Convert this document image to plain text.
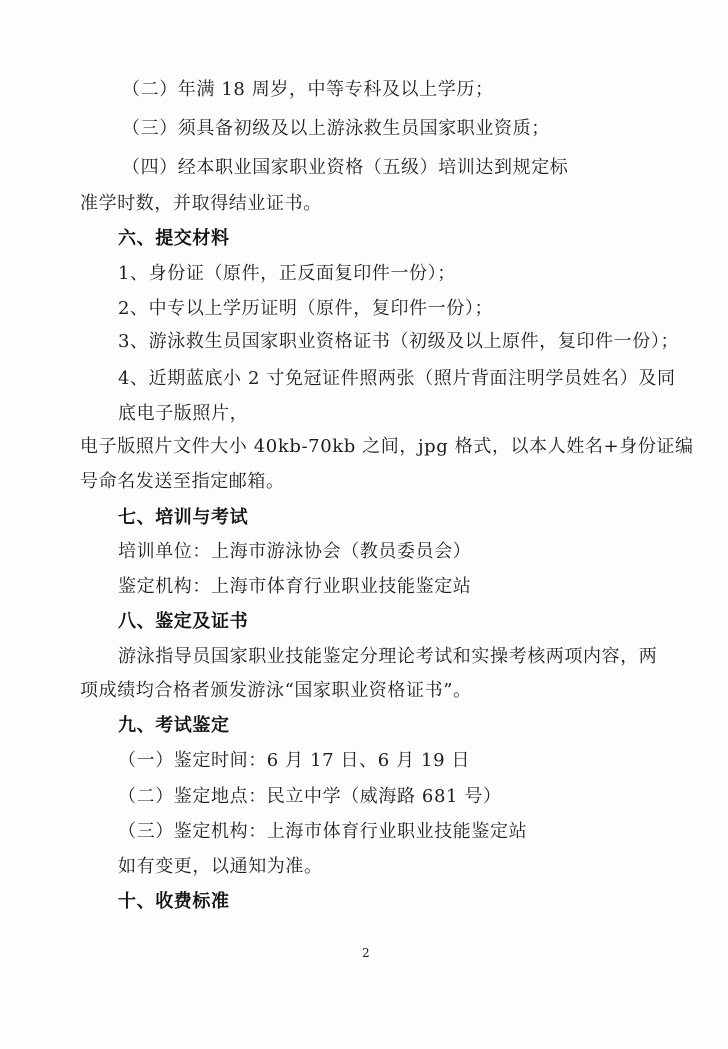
（二）年满 18 周岁，中等专科及以上学历；
（三）须具备初级及以上游泳救生员国家职业资质；
（四）经本职业国家职业资格（五级）培训达到规定标
准学时数，并取得结业证书。
六、提交材料
1、身份证（原件，正反面复印件一份）；
2、中专以上学历证明（原件，复印件一份）；
3、游泳救生员国家职业资格证书（初级及以上原件，复印件一份）；
4、近期蓝底小 2 寸免冠证件照两张（照片背面注明学员姓名）及同
底电子版照片，
电子版照片文件大小 40kb-70kb 之间，jpg 格式，以本人姓名+身份证编
号命名发送至指定邮箱。
七、培训与考试
培训单位：上海市游泳协会（教员委员会）
鉴定机构：上海市体育行业职业技能鉴定站
八、鉴定及证书
游泳指导员国家职业技能鉴定分理论考试和实操考核两项内容，两
项成绩均合格者颁发游泳“国家职业资格证书”。
九、考试鉴定
（一）鉴定时间：6 月 17 日、6 月 19 日
（二）鉴定地点：民立中学（威海路 681 号）
（三）鉴定机构：上海市体育行业职业技能鉴定站
如有变更，以通知为准。
十、收费标准
2
